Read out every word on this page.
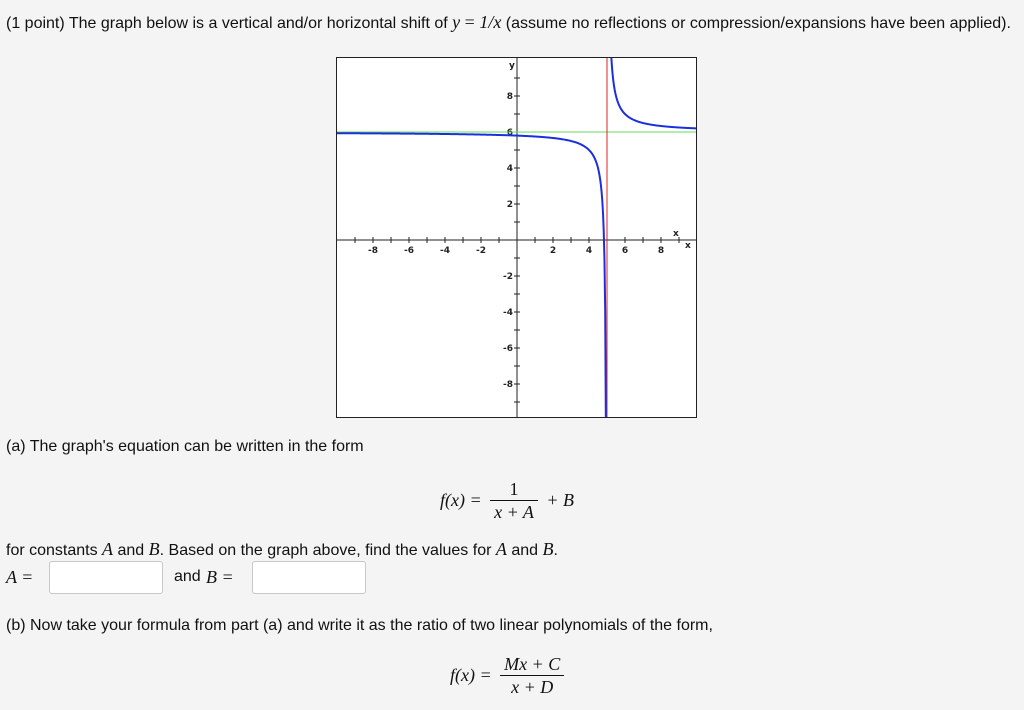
(1 point) The graph below is a vertical and/or horizontal shift of y = 1/x (assume no reflections or compression/expansions have been applied).
-8	-6	-4	-2	2	4	6	8
8
6
4
2
-2
-4
-6
-8
y
x
x
(a) The graph's equation can be written in the form
$f(x) = \frac{1}{x + A} + B$
for constants A and B. Based on the graph above, find the values for A and B.
A =	and B =
(b) Now take your formula from part (a) and write it as the ratio of two linear polynomials of the form,
$f(x) = \frac{Mx + C}{x + D}$
